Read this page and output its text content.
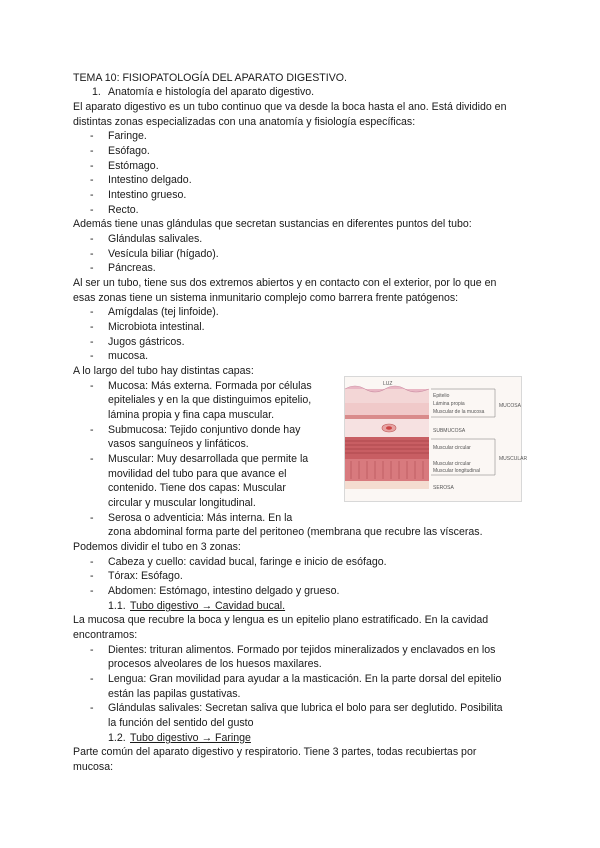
TEMA 10: FISIOPATOLOGÍA DEL APARATO DIGESTIVO.
1. Anatomía e histología del aparato digestivo.
El aparato digestivo es un tubo continuo que va desde la boca hasta el ano. Está dividido en
distintas zonas especializadas con una anatomía y fisiología específicas:
- Faringe.
- Esófago.
- Estómago.
- Intestino delgado.
- Intestino grueso.
- Recto.
Además tiene unas glándulas que secretan sustancias en diferentes puntos del tubo:
- Glándulas salivales.
- Vesícula biliar (hígado).
- Páncreas.
Al ser un tubo, tiene sus dos extremos abiertos y en contacto con el exterior, por lo que en
esas zonas tiene un sistema inmunitario complejo como barrera frente patógenos:
- Amígdalas (tej linfoide).
- Microbiota intestinal.
- Jugos gástricos.
- mucosa.
A lo largo del tubo hay distintas capas:
- Mucosa: Más externa. Formada por células
epiteliales y en la que distinguimos epitelio,
lámina propia y fina capa muscular.
- Submucosa: Tejido conjuntivo donde hay
vasos sanguíneos y linfáticos.
- Muscular: Muy desarrollada que permite la
movilidad del tubo para que avance el
contenido. Tiene dos capas: Muscular
circular y muscular longitudinal.
- Serosa o adventicia: Más interna. En la
zona abdominal forma parte del peritoneo (membrana que recubre las vísceras.
LUZ
Epitelio
Lámina propia
Muscular de la mucosa
MUCOSA
SUBMUCOSA
Muscular circular
Muscular circular
Muscular longitudinal
MUSCULAR
SEROSA
Podemos dividir el tubo en 3 zonas:
- Cabeza y cuello: cavidad bucal, faringe e inicio de esófago.
- Tórax: Esófago.
- Abdomen: Estómago, intestino delgado y grueso.
1.1. Tubo digestivo → Cavidad bucal.
La mucosa que recubre la boca y lengua es un epitelio plano estratificado. En la cavidad
encontramos:
- Dientes: trituran alimentos. Formado por tejidos mineralizados y enclavados en los
procesos alveolares de los huesos maxilares.
- Lengua: Gran movilidad para ayudar a la masticación. En la parte dorsal del epitelio
están las papilas gustativas.
- Glándulas salivales: Secretan saliva que lubrica el bolo para ser deglutido. Posibilita
la función del sentido del gusto
1.2. Tubo digestivo → Faringe
Parte común del aparato digestivo y respiratorio. Tiene 3 partes, todas recubiertas por
mucosa:
